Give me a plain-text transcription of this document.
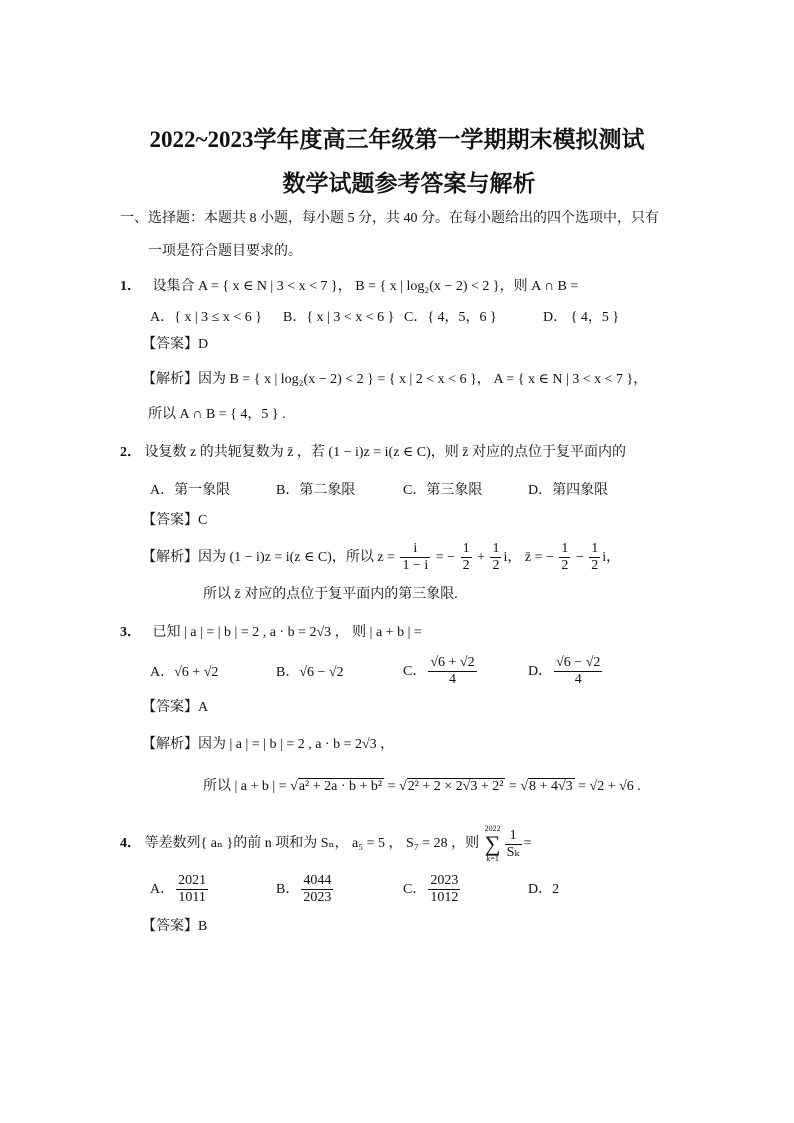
2022~2023学年度高三年级第一学期期末模拟测试
数学试题参考答案与解析
一、选择题：本题共 8 小题，每小题 5 分，共 40 分。在每小题给出的四个选项中，只有
一项是符合题目要求的。
1． 设集合 A = { x ∈ N | 3 < x < 7 }， B = { x | log₂(x − 2) < 2 }，则 A ∩ B =
A．{ x | 3 ≤ x < 6 } B．{ x | 3 < x < 6 } C．{ 4，5，6 }	D． { 4，5 }
【答案】D
【解析】因为 B = { x | log₂(x − 2) < 2 } = { x | 2 < x < 6 }， A = { x ∈ N | 3 < x < 7 }，
所以 A ∩ B = { 4，5 } .
2． 设复数 z 的共轭复数为 z̄ ，若 (1 − i)z = i(z ∈ C)，则 z̄ 对应的点位于复平面内的
A．第一象限	B．第二象限	C．第三象限	D．第四象限
【答案】C
【解析】因为 (1 − i)z = i(z ∈ C)，所以 $z = \frac{i}{1 - i}$ = − $\frac{1}{2} + \frac{1}{2}$ i， z̄ = − $\frac{1}{2} - \frac{1}{2}$ i，
所以 z̄ 对应的点位于复平面内的第三象限.
3． 已知 | a | = | b | = 2 , a · b = 2√3 ， 则 | a + b | =
A．√6 + √2	B．√6 − √2	C． $\frac{√6 + √2}{4}$	D． $\frac{√6 - √2}{4}$
【答案】A
【解析】因为 | a | = | b | = 2 , a · b = 2√3 ，
所以 | a + b | = √a² + 2a · b + b² = √2² + 2 × 2√3 + 2² = √8 + 4√3 = √2 + √6 .
4． 等差数列{ aₙ }的前 n 项和为 Sₙ， a₅ = 5 ， S₇ = 28 ，则
2022
∑
$k=1 \frac{1}{\text{Sₖ}}$ =
A． $\frac{2021}{1011}$	B． $\frac{4044}{2023}$	C． $\frac{2023}{1012}$	D．2
【答案】B
